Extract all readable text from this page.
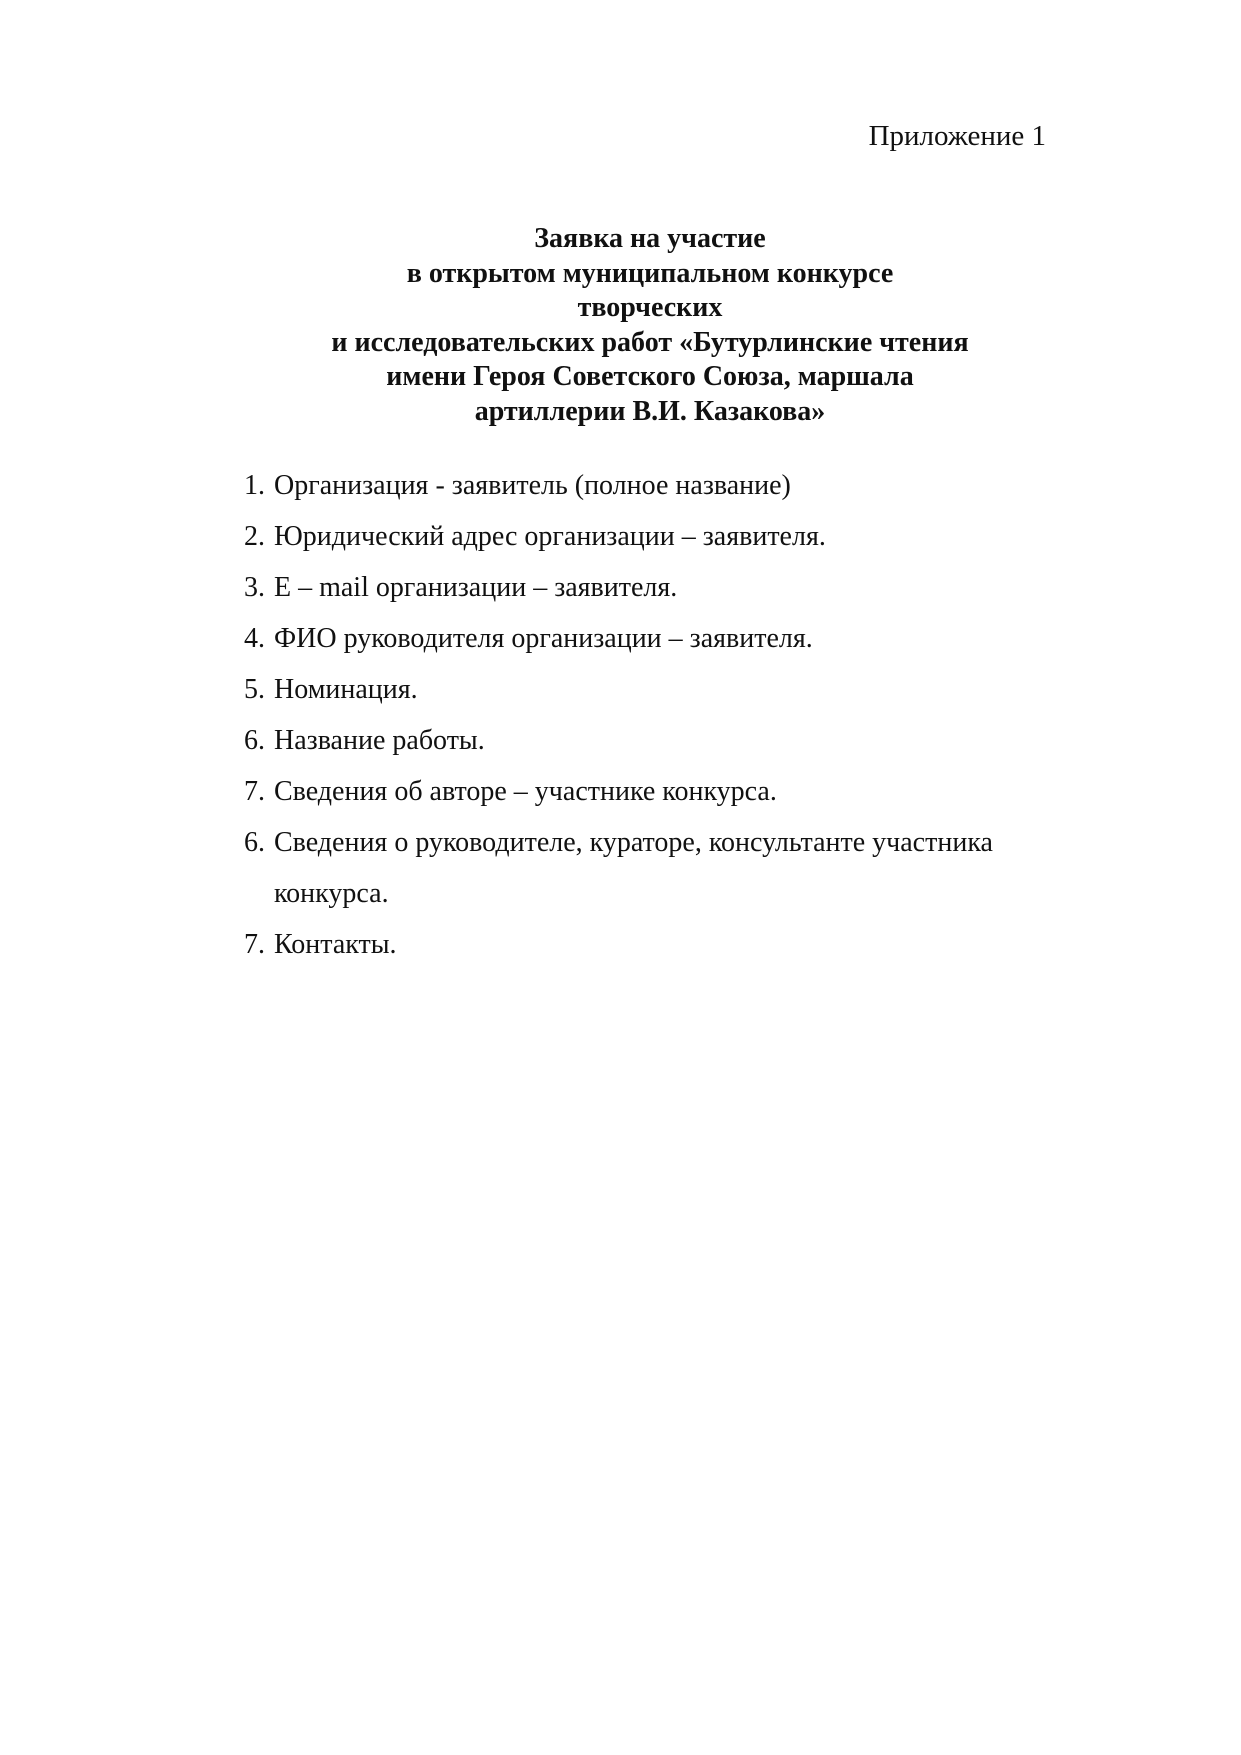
Приложение 1
Заявка на участие
в открытом муниципальном конкурсе
творческих
и исследовательских работ «Бутурлинские чтения
имени Героя Советского Союза, маршала
артиллерии В.И. Казакова»
1. Организация - заявитель (полное название)
2. Юридический адрес организации – заявителя.
3. E – mail организации – заявителя.
4. ФИО руководителя организации – заявителя.
5. Номинация.
6. Название работы.
7. Сведения об авторе – участнике конкурса.
6. Сведения о руководителе, кураторе, консультанте участника конкурса.
7. Контакты.
